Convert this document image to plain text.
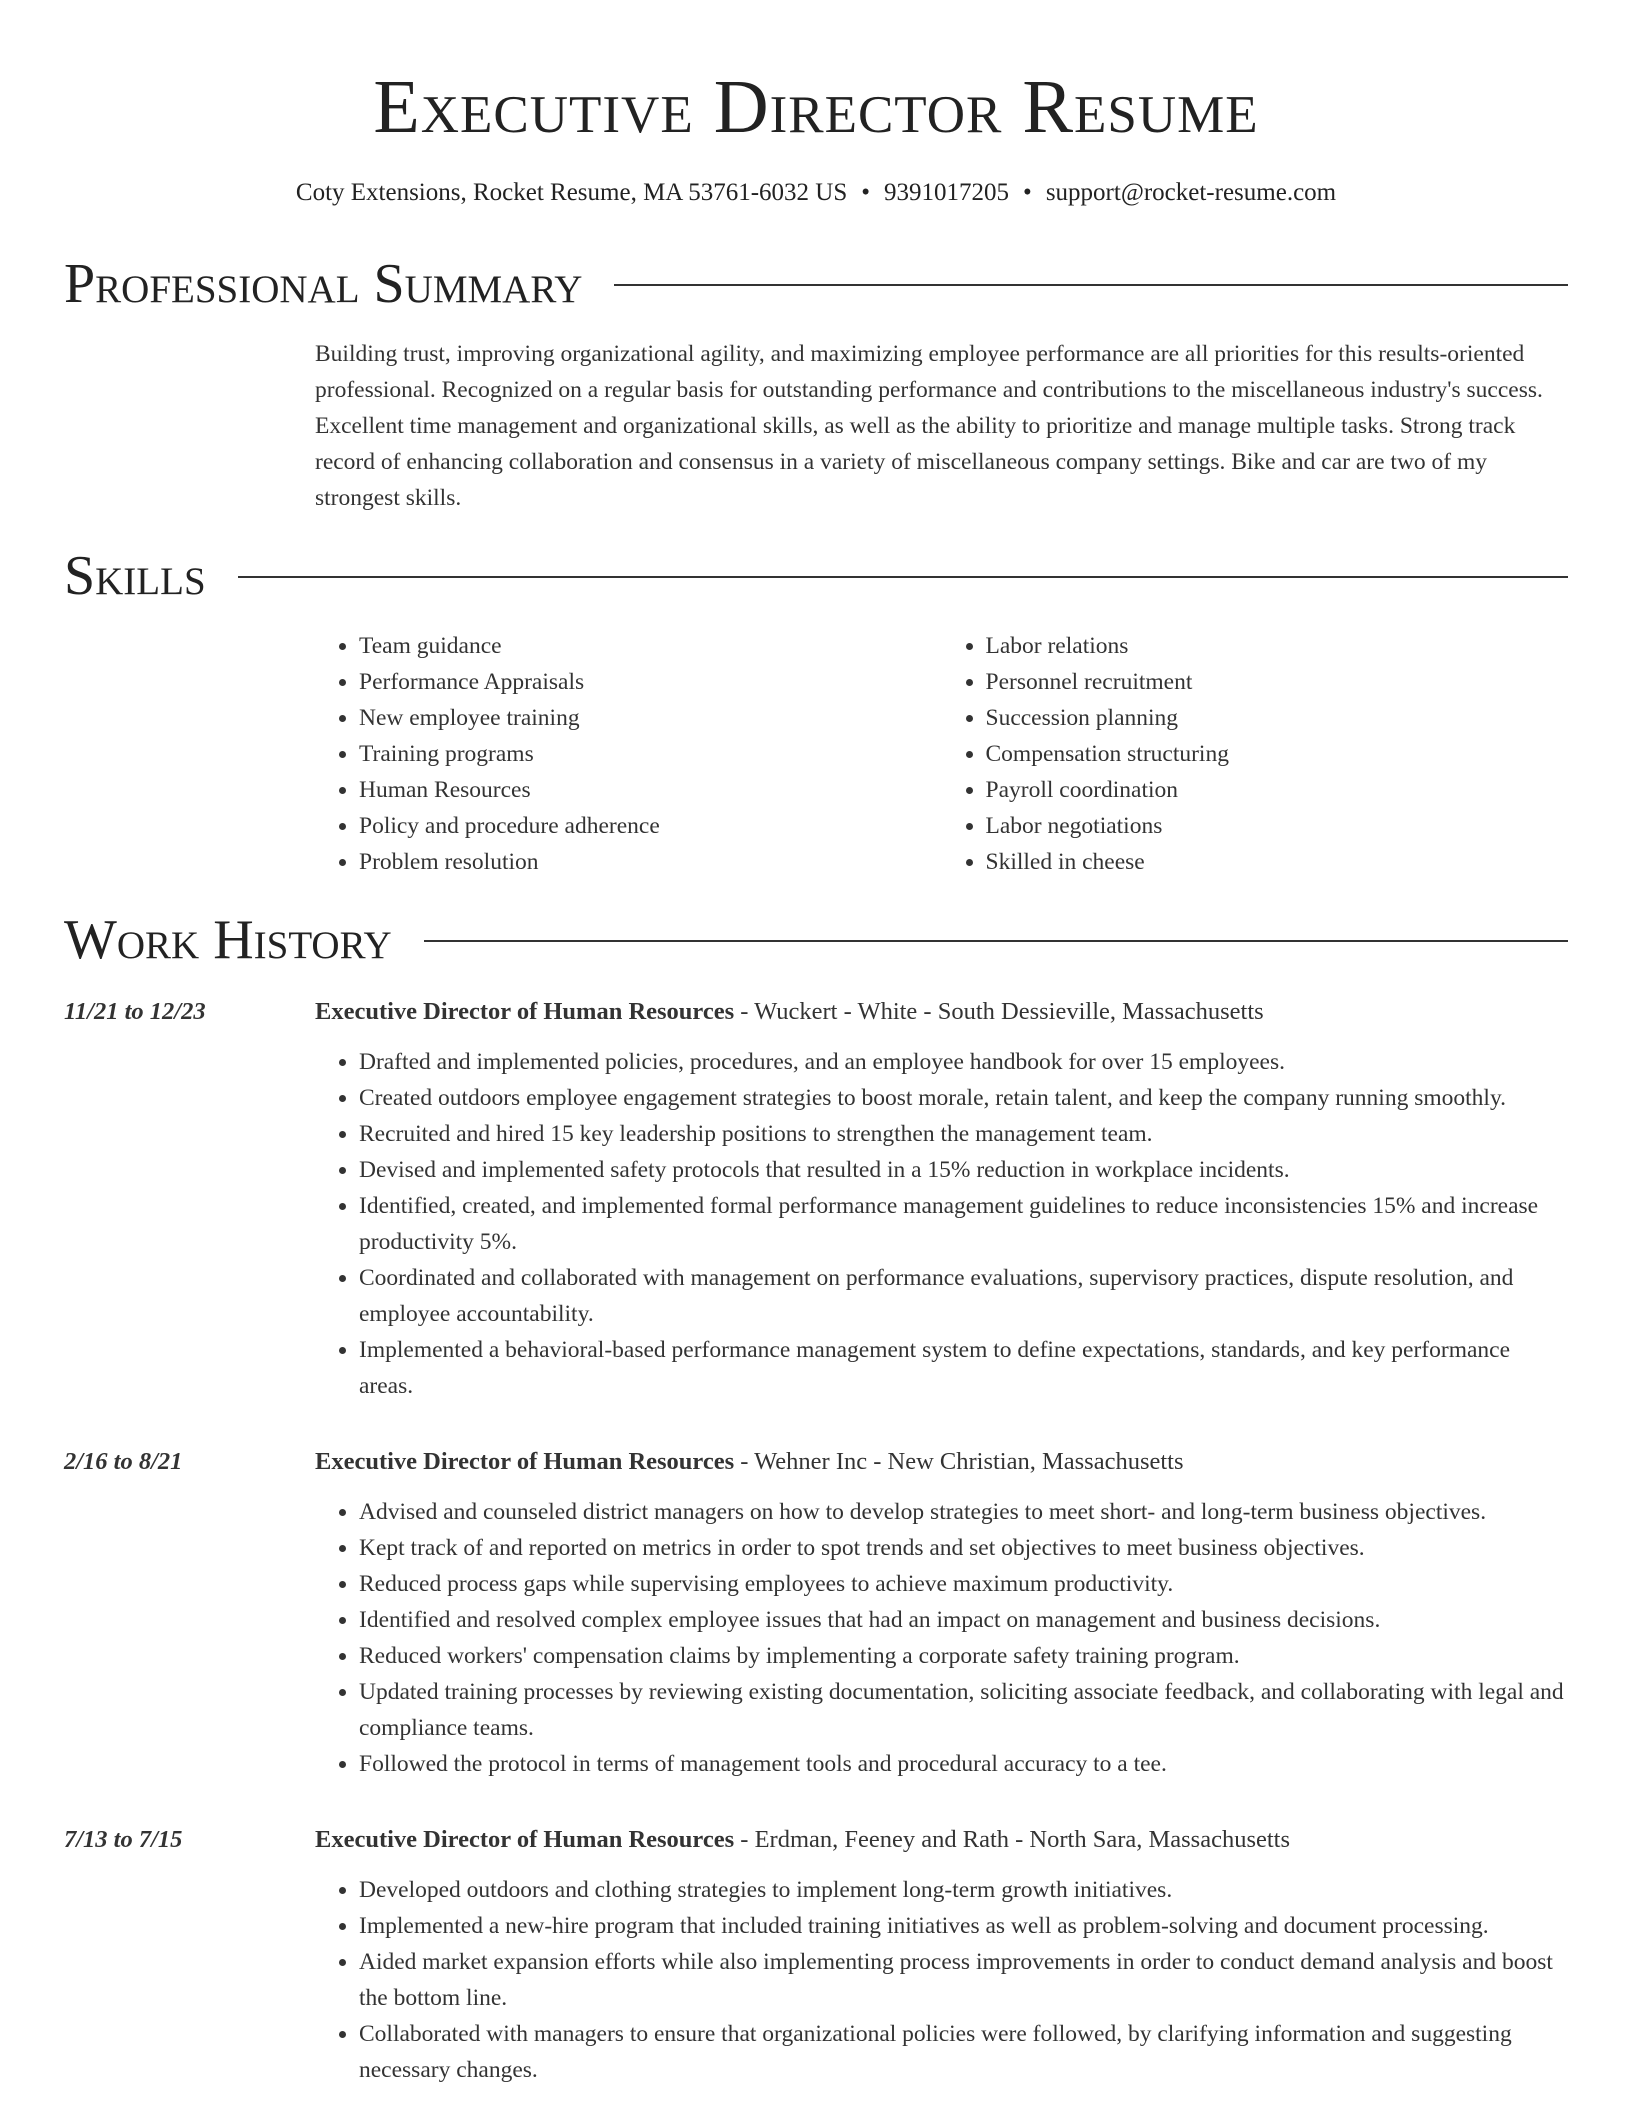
Executive Director Resume
Coty Extensions, Rocket Resume, MA 53761-6032 US • 9391017205 • support@rocket-resume.com
Professional Summary

Building trust, improving organizational agility, and maximizing employee performance are all priorities for this results-oriented professional. Recognized on a regular basis for outstanding performance and contributions to the miscellaneous industry's success. Excellent time management and organizational skills, as well as the ability to prioritize and manage multiple tasks. Strong track record of enhancing collaboration and consensus in a variety of miscellaneous company settings. Bike and car are two of my strongest skills.

Skills
• Team guidance
• Performance Appraisals
• New employee training
• Training programs
• Human Resources
• Policy and procedure adherence
• Problem resolution
• Labor relations
• Personnel recruitment
• Succession planning
• Compensation structuring
• Payroll coordination
• Labor negotiations
• Skilled in cheese
Work History
11/21 to 12/23	Executive Director of Human Resources - Wuckert - White - South Dessieville, Massachusetts
• Drafted and implemented policies, procedures, and an employee handbook for over 15 employees.
• Created outdoors employee engagement strategies to boost morale, retain talent, and keep the company running smoothly.
• Recruited and hired 15 key leadership positions to strengthen the management team.
• Devised and implemented safety protocols that resulted in a 15% reduction in workplace incidents.
• Identified, created, and implemented formal performance management guidelines to reduce inconsistencies 15% and increase productivity 5%.
• Coordinated and collaborated with management on performance evaluations, supervisory practices, dispute resolution, and employee accountability.
• Implemented a behavioral-based performance management system to define expectations, standards, and key performance areas.
2/16 to 8/21	Executive Director of Human Resources - Wehner Inc - New Christian, Massachusetts
• Advised and counseled district managers on how to develop strategies to meet short- and long-term business objectives.
• Kept track of and reported on metrics in order to spot trends and set objectives to meet business objectives.
• Reduced process gaps while supervising employees to achieve maximum productivity.
• Identified and resolved complex employee issues that had an impact on management and business decisions.
• Reduced workers' compensation claims by implementing a corporate safety training program.
• Updated training processes by reviewing existing documentation, soliciting associate feedback, and collaborating with legal and compliance teams.
• Followed the protocol in terms of management tools and procedural accuracy to a tee.
7/13 to 7/15	Executive Director of Human Resources - Erdman, Feeney and Rath - North Sara, Massachusetts
• Developed outdoors and clothing strategies to implement long-term growth initiatives.
• Implemented a new-hire program that included training initiatives as well as problem-solving and document processing.
• Aided market expansion efforts while also implementing process improvements in order to conduct demand analysis and boost the bottom line.
• Collaborated with managers to ensure that organizational policies were followed, by clarifying information and suggesting necessary changes.
